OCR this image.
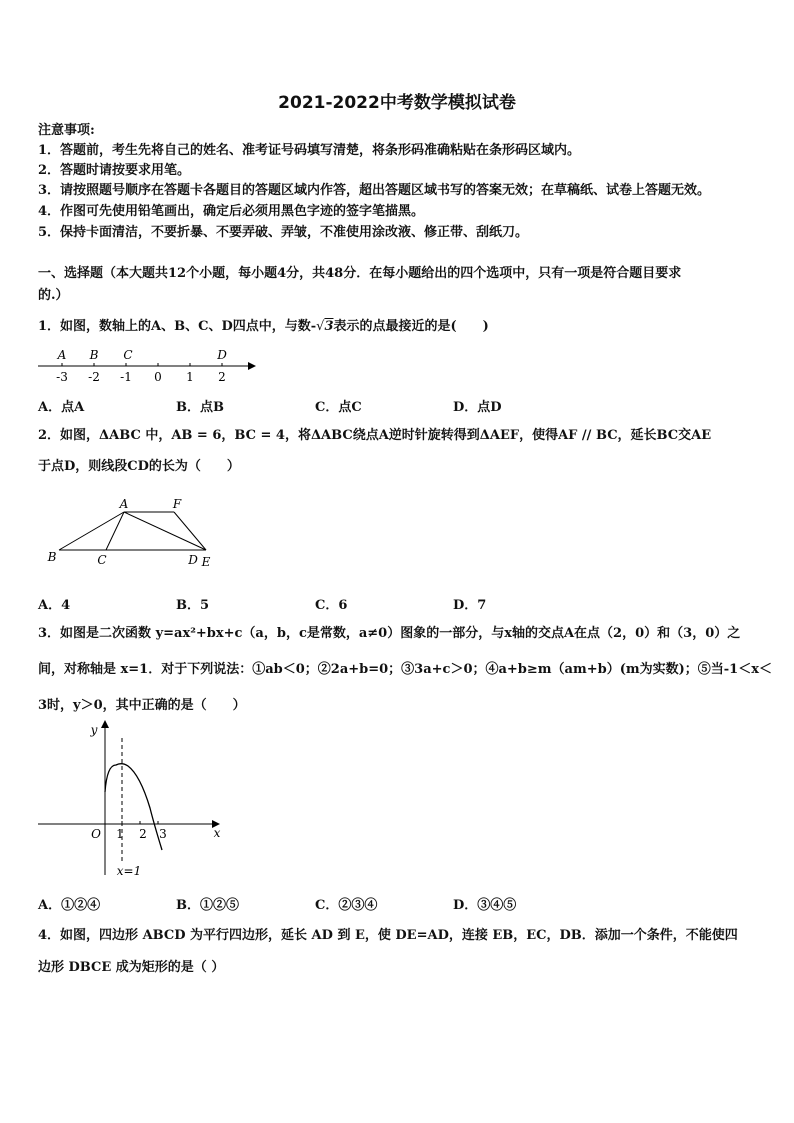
2021-2022中考数学模拟试卷
注意事项:
1．答题前，考生先将自己的姓名、准考证号码填写清楚，将条形码准确粘贴在条形码区域内。
2．答题时请按要求用笔。
3．请按照题号顺序在答题卡各题目的答题区域内作答，超出答题区域书写的答案无效；在草稿纸、试卷上答题无效。
4．作图可先使用铅笔画出，确定后必须用黑色字迹的签字笔描黑。
5．保持卡面清洁，不要折暴、不要弄破、弄皱，不准使用涂改液、修正带、刮纸刀。
一、选择题（本大题共12个小题，每小题4分，共48分．在每小题给出的四个选项中，只有一项是符合题目要求
的.）
1．如图，数轴上的A、B、C、D四点中，与数-√3表示的点最接近的是(　　)
A B C	D
-3 -2 -1 0 1 2
A．点A	B．点B	C．点C	D．点D
2．如图，ΔABC 中，AB = 6，BC = 4，将ΔABC绕点A逆时针旋转得到ΔAEF，使得AF // BC，延长BC交AE
于点D，则线段CD的长为（　　）
A	F
B	C	D E
A．4	B．5	C．6	D．7
3．如图是二次函数 y=ax²+bx+c（a，b，c是常数，a≠0）图象的一部分，与x轴的交点A在点（2，0）和（3，0）之
间，对称轴是 x=1．对于下列说法：①ab＜0；②2a+b=0；③3a+c＞0；④a+b≥m（am+b）(m为实数)；⑤当-1＜x＜
3时，y＞0，其中正确的是（　　）
y
x
O 1 2 3
x=1
A．①②④	B．①②⑤	C．②③④	D．③④⑤
4．如图，四边形 ABCD 为平行四边形，延长 AD 到 E，使 DE=AD，连接 EB，EC，DB．添加一个条件，不能使四
边形 DBCE 成为矩形的是（ ）
